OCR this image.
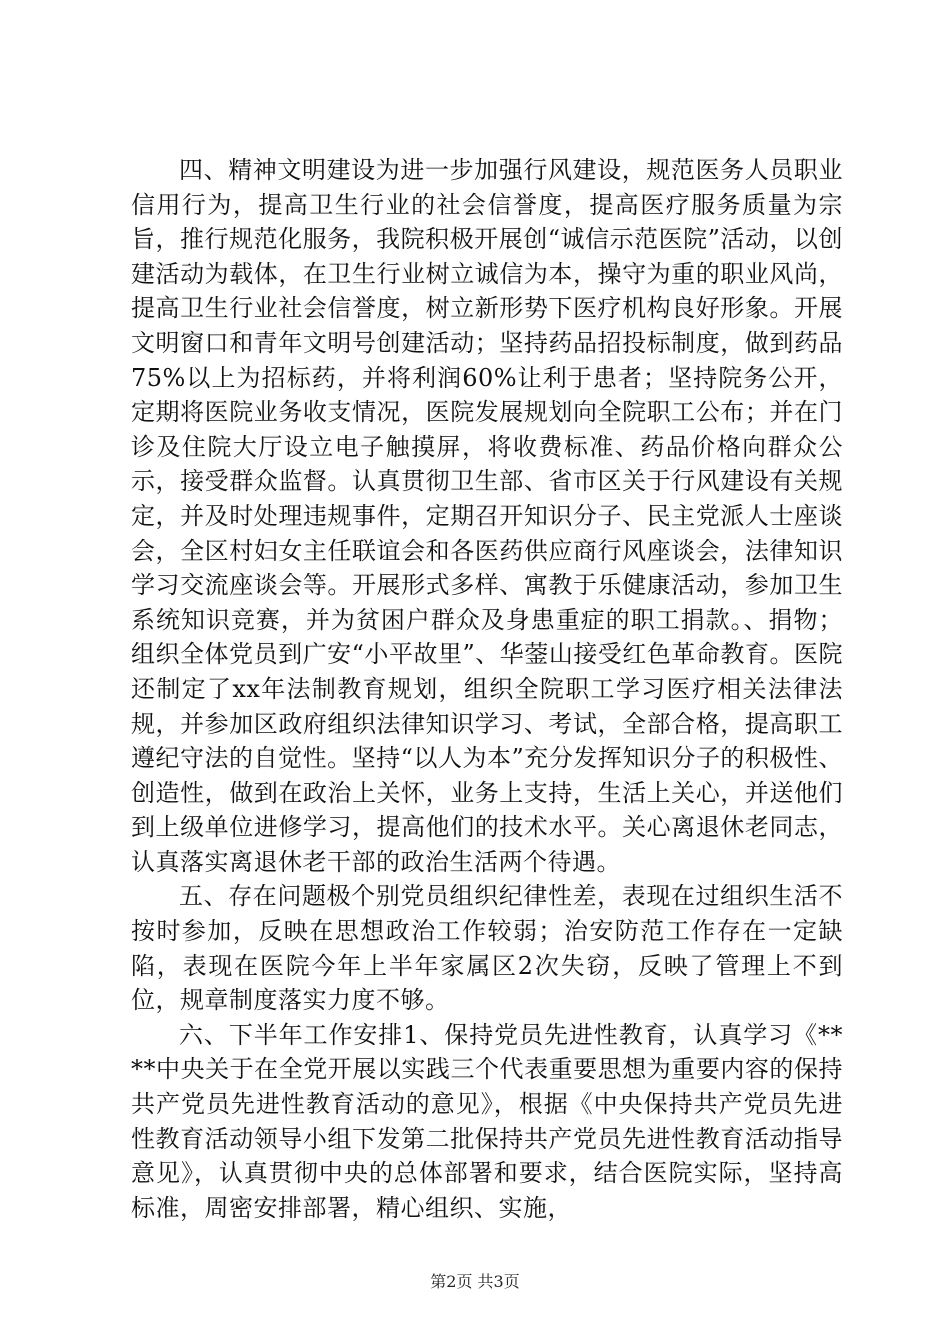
四、精神文明建设为进一步加强行风建设，规范医务人员职业信用行为，提高卫生行业的社会信誉度，提高医疗服务质量为宗旨，推行规范化服务，我院积极开展创“诚信示范医院”活动，以创建活动为载体，在卫生行业树立诚信为本，操守为重的职业风尚，提高卫生行业社会信誉度，树立新形势下医疗机构良好形象。开展文明窗口和青年文明号创建活动；坚持药品招投标制度，做到药品75%以上为招标药，并将利润60%让利于患者；坚持院务公开，定期将医院业务收支情况，医院发展规划向全院职工公布；并在门诊及住院大厅设立电子触摸屏，将收费标准、药品价格向群众公示，接受群众监督。认真贯彻卫生部、省市区关于行风建设有关规定，并及时处理违规事件，定期召开知识分子、民主党派人士座谈会，全区村妇女主任联谊会和各医药供应商行风座谈会，法律知识学习交流座谈会等。开展形式多样、寓教于乐健康活动，参加卫生系统知识竞赛，并为贫困户群众及身患重症的职工捐款。、捐物；组织全体党员到广安“小平故里”、华蓥山接受红色革命教育。医院还制定了xx年法制教育规划，组织全院职工学习医疗相关法律法规，并参加区政府组织法律知识学习、考试，全部合格，提高职工遵纪守法的自觉性。坚持“以人为本”充分发挥知识分子的积极性、创造性，做到在政治上关怀，业务上支持，生活上关心，并送他们到上级单位进修学习，提高他们的技术水平。关心离退休老同志，认真落实离退休老干部的政治生活两个待遇。

五、存在问题极个别党员组织纪律性差，表现在过组织生活不按时参加，反映在思想政治工作较弱；治安防范工作存在一定缺陷，表现在医院今年上半年家属区2次失窃，反映了管理上不到位，规章制度落实力度不够。

六、下半年工作安排1、保持党员先进性教育，认真学习《****中央关于在全党开展以实践三个代表重要思想为重要内容的保持共产党员先进性教育活动的意见》，根据《中央保持共产党员先进性教育活动领导小组下发第二批保持共产党员先进性教育活动指导意见》，认真贯彻中央的总体部署和要求，结合医院实际，坚持高标准，周密安排部署，精心组织、实施，

第2页 共3页
